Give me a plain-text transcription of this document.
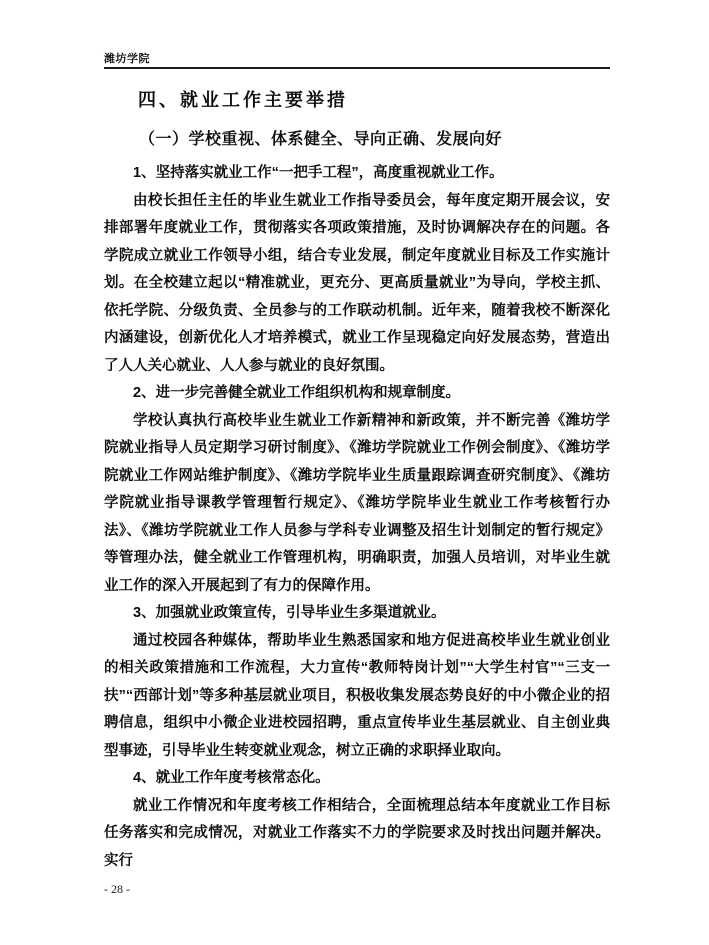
潍坊学院
四、就业工作主要举措
（一）学校重视、体系健全、导向正确、发展向好

1、坚持落实就业工作“一把手工程”，高度重视就业工作。

由校长担任主任的毕业生就业工作指导委员会，每年度定期开展会议，安排部署年度就业工作，贯彻落实各项政策措施，及时协调解决存在的问题。各学院成立就业工作领导小组，结合专业发展，制定年度就业目标及工作实施计划。在全校建立起以“精准就业，更充分、更高质量就业”为导向，学校主抓、依托学院、分级负责、全员参与的工作联动机制。近年来，随着我校不断深化内涵建设，创新优化人才培养模式，就业工作呈现稳定向好发展态势，营造出了人人关心就业、人人参与就业的良好氛围。

2、进一步完善健全就业工作组织机构和规章制度。

学校认真执行高校毕业生就业工作新精神和新政策，并不断完善《潍坊学院就业指导人员定期学习研讨制度》、《潍坊学院就业工作例会制度》、《潍坊学院就业工作网站维护制度》、《潍坊学院毕业生质量跟踪调查研究制度》、《潍坊学院就业指导课教学管理暂行规定》、《潍坊学院毕业生就业工作考核暂行办法》、《潍坊学院就业工作人员参与学科专业调整及招生计划制定的暂行规定》等管理办法，健全就业工作管理机构，明确职责，加强人员培训，对毕业生就业工作的深入开展起到了有力的保障作用。

3、加强就业政策宣传，引导毕业生多渠道就业。

通过校园各种媒体，帮助毕业生熟悉国家和地方促进高校毕业生就业创业的相关政策措施和工作流程，大力宣传“教师特岗计划”“大学生村官”“三支一扶”“西部计划”等多种基层就业项目，积极收集发展态势良好的中小微企业的招聘信息，组织中小微企业进校园招聘，重点宣传毕业生基层就业、自主创业典型事迹，引导毕业生转变就业观念，树立正确的求职择业取向。

4、就业工作年度考核常态化。

就业工作情况和年度考核工作相结合，全面梳理总结本年度就业工作目标任务落实和完成情况，对就业工作落实不力的学院要求及时找出问题并解决。实行

- 28 -
